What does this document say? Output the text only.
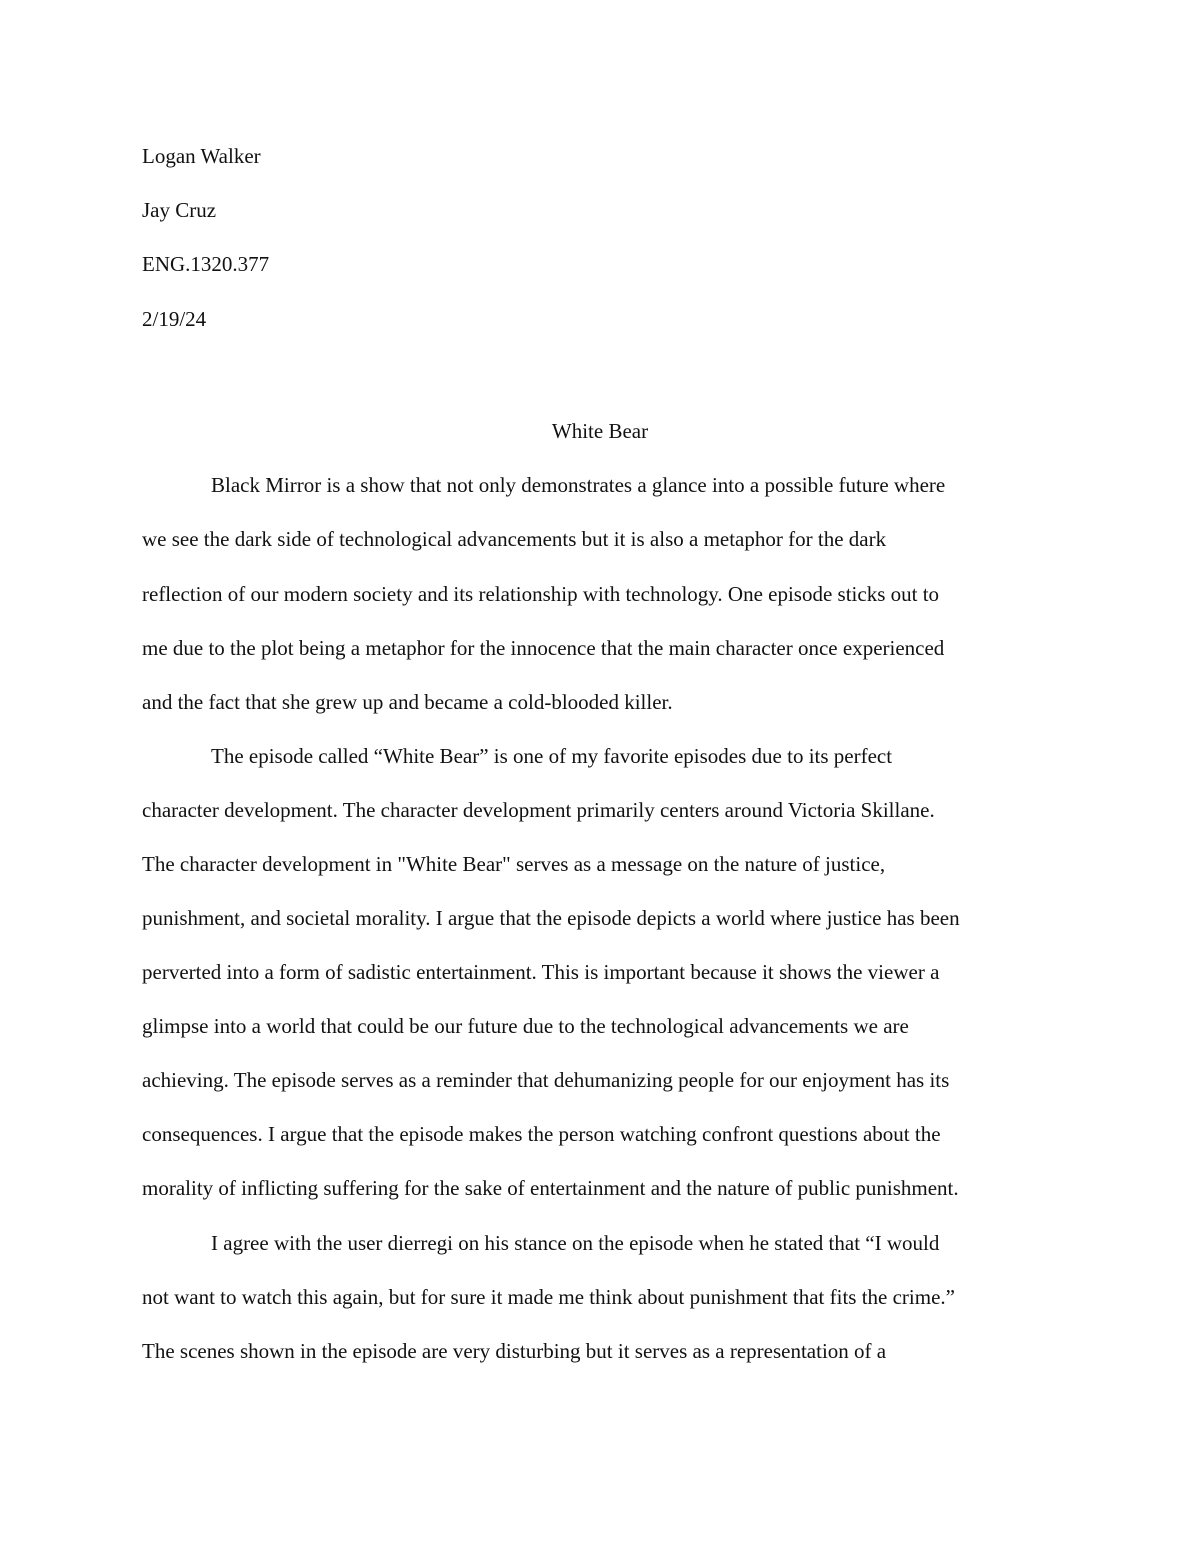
Logan Walker
Jay Cruz
ENG.1320.377
2/19/24
White Bear
Black Mirror is a show that not only demonstrates a glance into a possible future where
we see the dark side of technological advancements but it is also a metaphor for the dark
reflection of our modern society and its relationship with technology. One episode sticks out to
me due to the plot being a metaphor for the innocence that the main character once experienced
and the fact that she grew up and became a cold-blooded killer.
The episode called “White Bear” is one of my favorite episodes due to its perfect
character development. The character development primarily centers around Victoria Skillane.
The character development in "White Bear" serves as a message on the nature of justice,
punishment, and societal morality. I argue that the episode depicts a world where justice has been
perverted into a form of sadistic entertainment. This is important because it shows the viewer a
glimpse into a world that could be our future due to the technological advancements we are
achieving. The episode serves as a reminder that dehumanizing people for our enjoyment has its
consequences. I argue that the episode makes the person watching confront questions about the
morality of inflicting suffering for the sake of entertainment and the nature of public punishment.
I agree with the user dierregi on his stance on the episode when he stated that “I would
not want to watch this again, but for sure it made me think about punishment that fits the crime.”
The scenes shown in the episode are very disturbing but it serves as a representation of a
